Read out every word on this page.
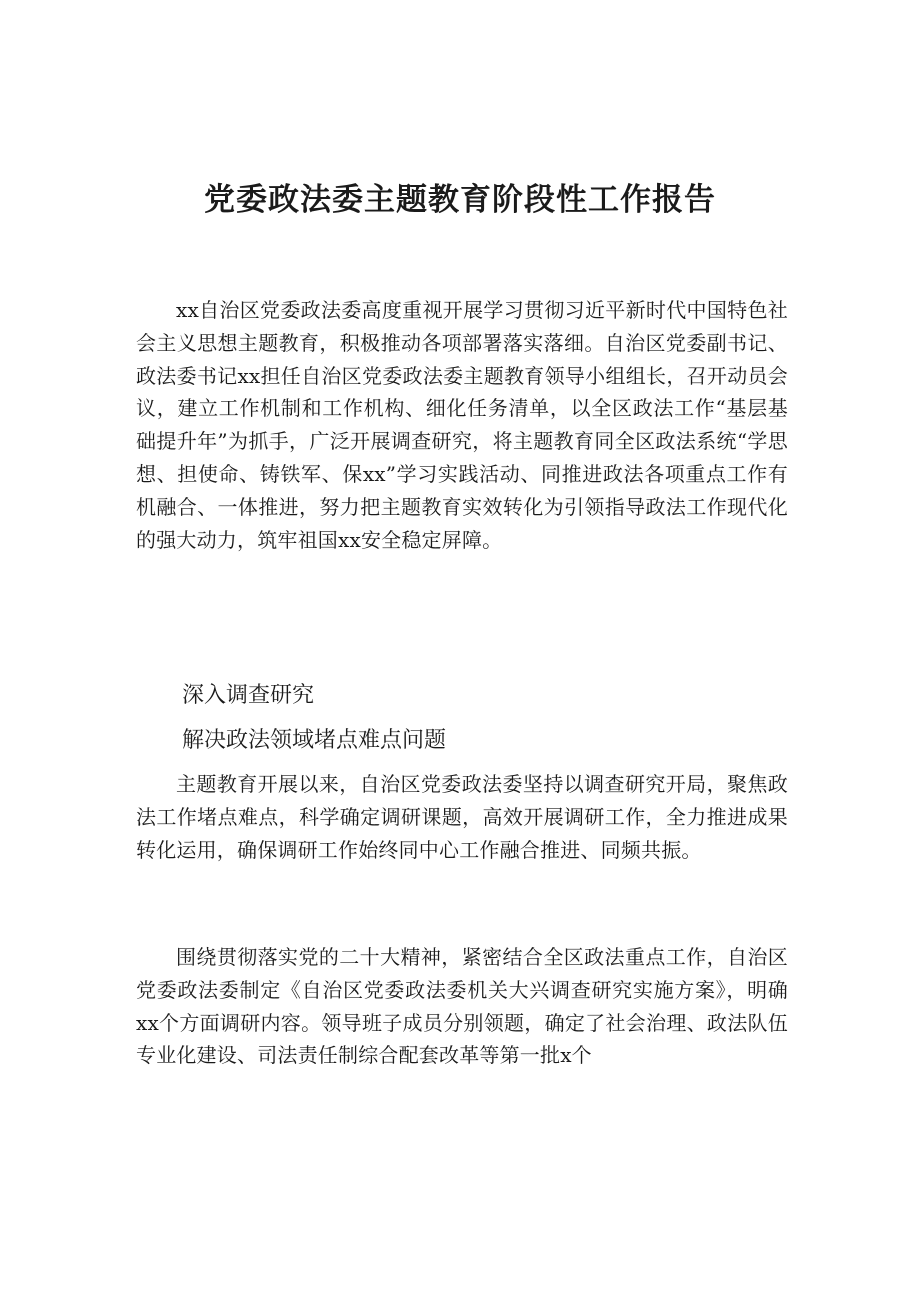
党委政法委主题教育阶段性工作报告

xx自治区党委政法委高度重视开展学习贯彻习近平新时代中国特色社会主义思想主题教育，积极推动各项部署落实落细。自治区党委副书记、政法委书记xx担任自治区党委政法委主题教育领导小组组长，召开动员会议，建立工作机制和工作机构、细化任务清单，以全区政法工作“基层基础提升年”为抓手，广泛开展调查研究，将主题教育同全区政法系统“学思想、担使命、铸铁军、保xx”学习实践活动、同推进政法各项重点工作有机融合、一体推进，努力把主题教育实效转化为引领指导政法工作现代化的强大动力，筑牢祖国xx安全稳定屏障。

深入调查研究

解决政法领域堵点难点问题

主题教育开展以来，自治区党委政法委坚持以调查研究开局，聚焦政法工作堵点难点，科学确定调研课题，高效开展调研工作，全力推进成果转化运用，确保调研工作始终同中心工作融合推进、同频共振。

围绕贯彻落实党的二十大精神，紧密结合全区政法重点工作，自治区党委政法委制定《自治区党委政法委机关大兴调查研究实施方案》，明确xx个方面调研内容。领导班子成员分别领题，确定了社会治理、政法队伍专业化建设、司法责任制综合配套改革等第一批x个
